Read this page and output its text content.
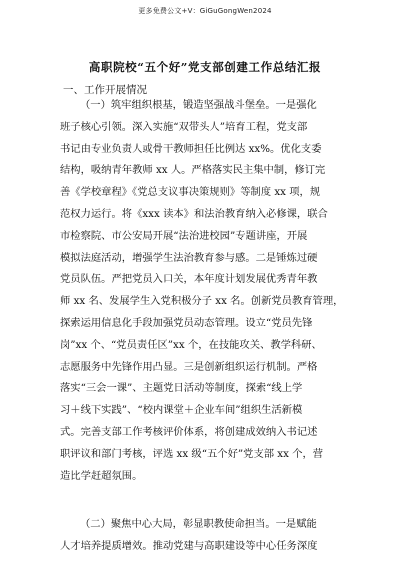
更多免费公文+V：GiGuGongWen2024
高职院校“五个好”党支部创建工作总结汇报
一、工作开展情况
（一）筑牢组织根基，锻造坚强战斗堡垒。一是强化
班子核心引领。深入实施“双带头人”培育工程，党支部
书记由专业负责人或骨干教师担任比例达 xx%。优化支委
结构，吸纳青年教师 xx 人。严格落实民主集中制，修订完
善《学校章程》《党总支议事决策规则》等制度 xx 项，规
范权力运行。将《xxx 读本》和法治教育纳入必修课，联合
市检察院、市公安局开展“法治进校园”专题讲座，开展
模拟法庭活动，增强学生法治教育参与感。二是锤炼过硬
党员队伍。严把党员入口关，本年度计划发展优秀青年教
师 xx 名、发展学生入党积极分子 xx 名。创新党员教育管理，
探索运用信息化手段加强党员动态管理。设立“党员先锋
岗”xx 个、“党员责任区”xx 个，在技能攻关、教学科研、
志愿服务中先锋作用凸显。三是创新组织运行机制。严格
落实“三会一课”、主题党日活动等制度，探索“线上学
习＋线下实践”、“校内课堂＋企业车间”组织生活新模
式。完善支部工作考核评价体系，将创建成效纳入书记述
职评议和部门考核，评选 xx 级“五个好”党支部 xx 个，营
造比学赶超氛围。
（二）聚焦中心大局，彰显职教使命担当。一是赋能
人才培养提质增效。推动党建与高职建设等中心任务深度
